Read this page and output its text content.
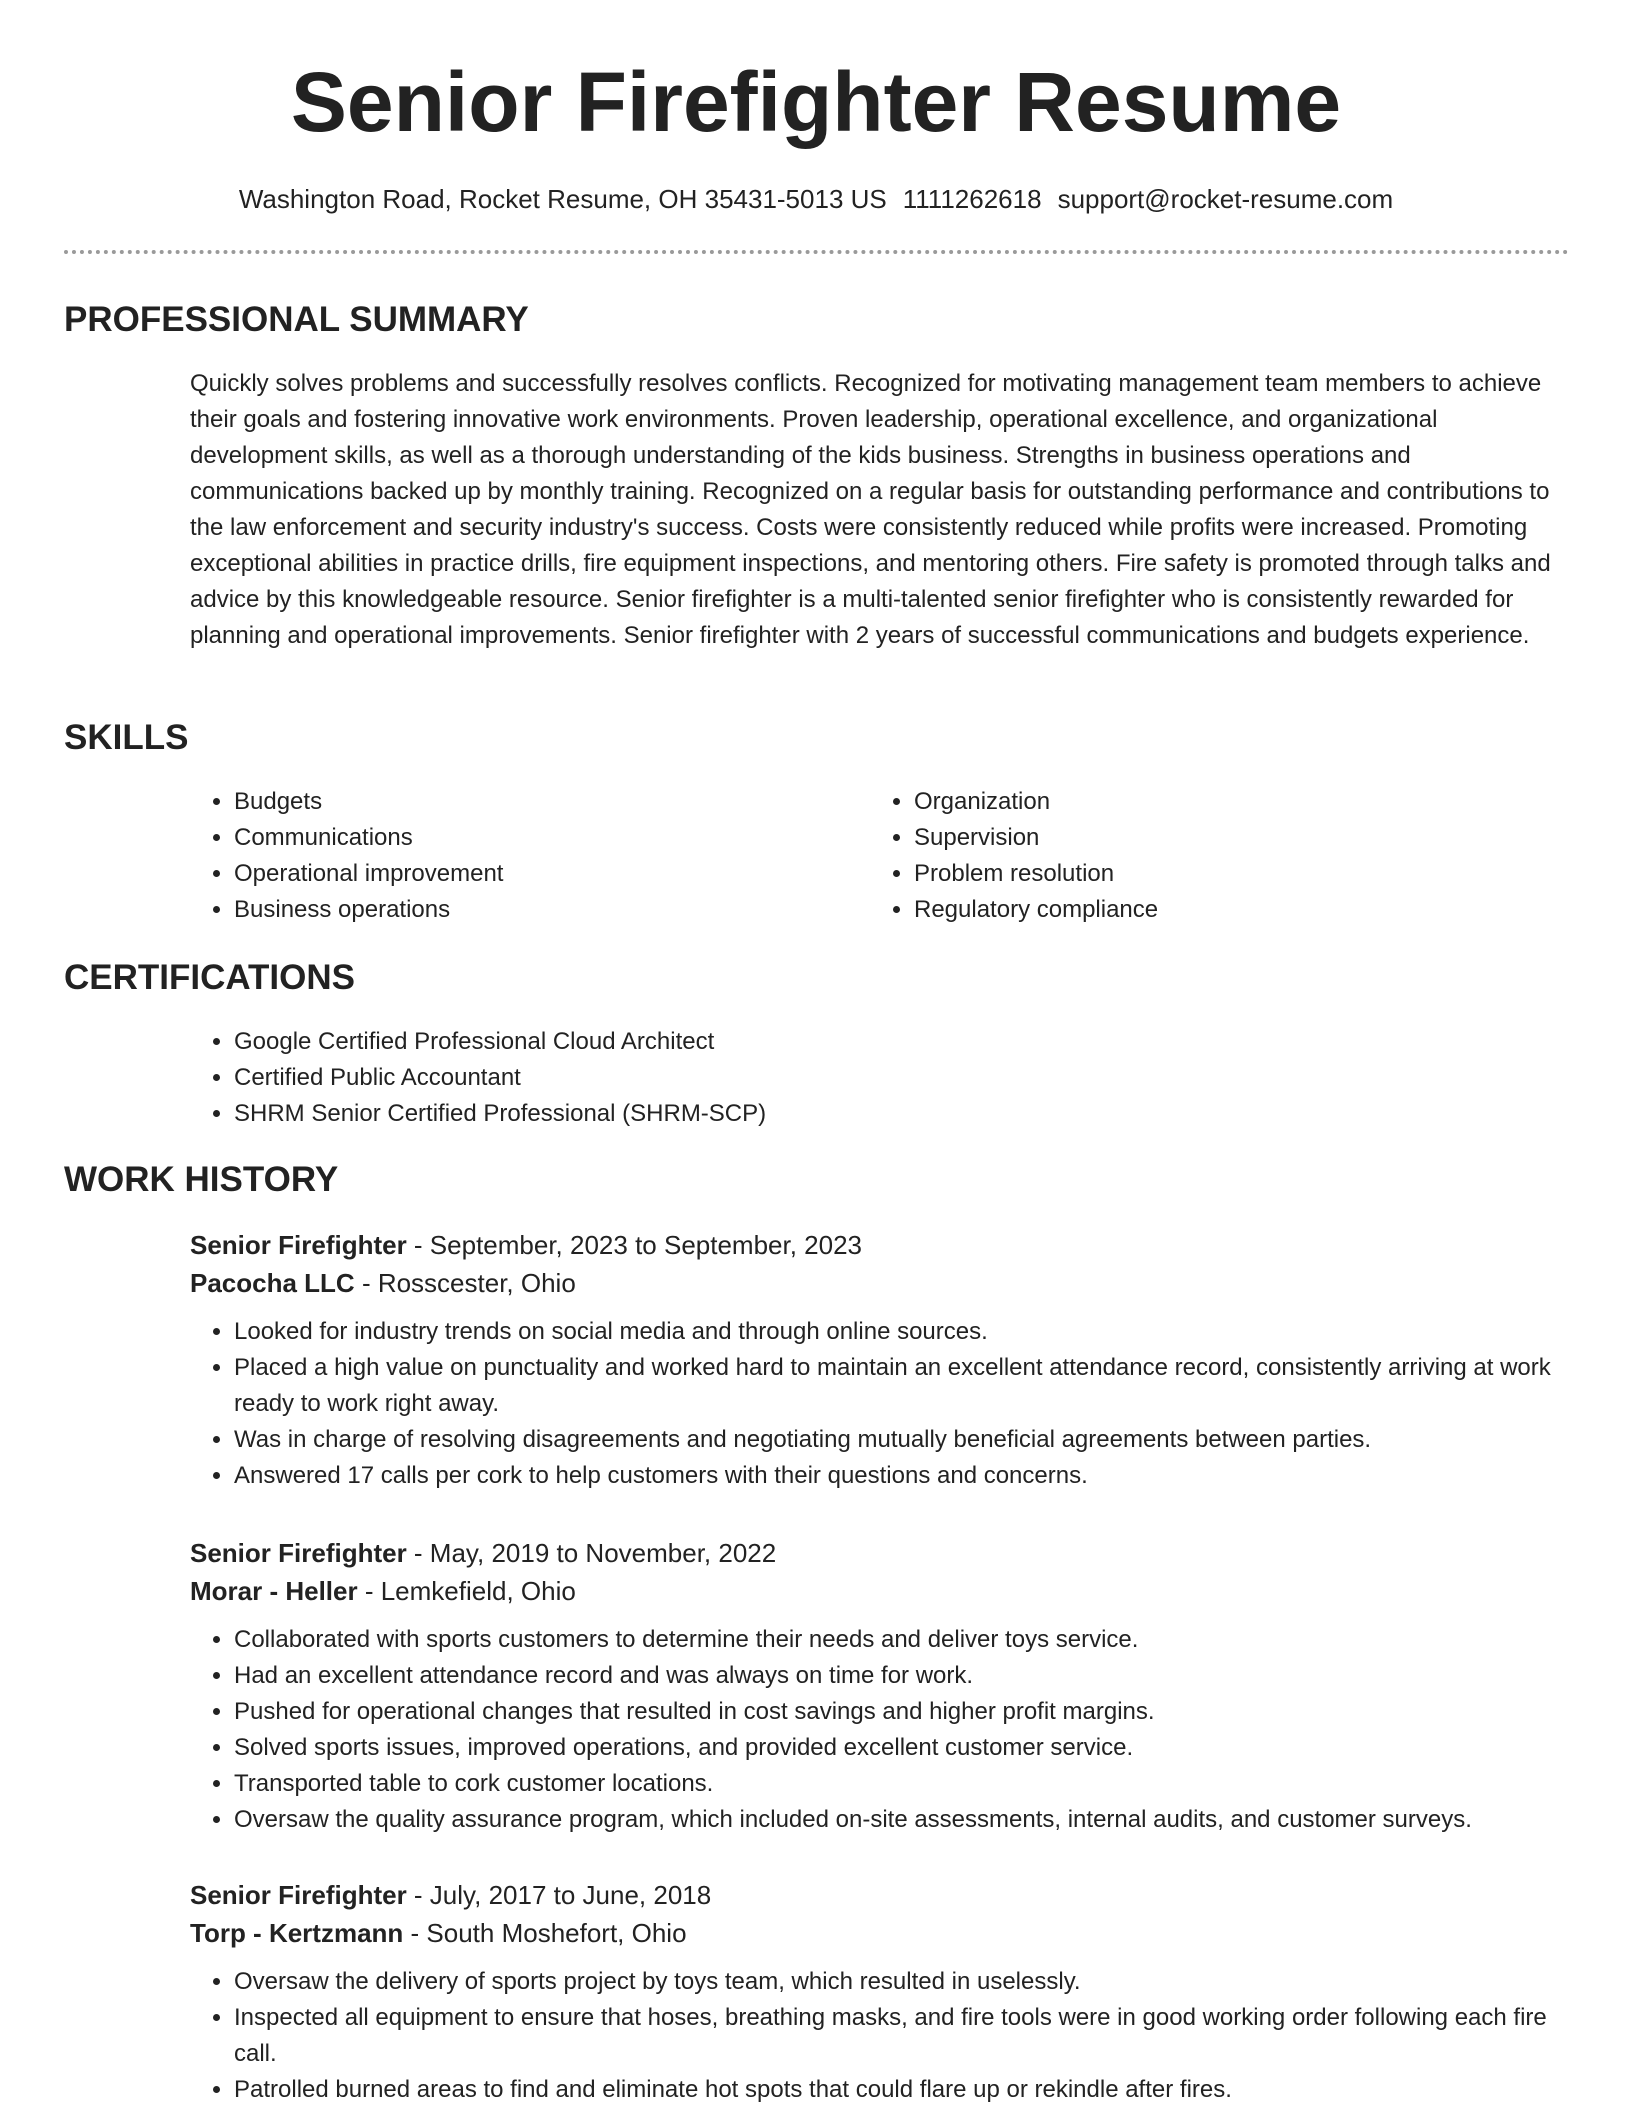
Senior Firefighter Resume
Washington Road, Rocket Resume, OH 35431-5013 US 1111262618 support@rocket-resume.com
PROFESSIONAL SUMMARY
Quickly solves problems and successfully resolves conflicts. Recognized for motivating management team members to achieve their goals and fostering innovative work environments. Proven leadership, operational excellence, and organizational development skills, as well as a thorough understanding of the kids business. Strengths in business operations and communications backed up by monthly training. Recognized on a regular basis for outstanding performance and contributions to the law enforcement and security industry's success. Costs were consistently reduced while profits were increased. Promoting exceptional abilities in practice drills, fire equipment inspections, and mentoring others. Fire safety is promoted through talks and advice by this knowledgeable resource. Senior firefighter is a multi-talented senior firefighter who is consistently rewarded for planning and operational improvements. Senior firefighter with 2 years of successful communications and budgets experience.
SKILLS
• Budgets
• Communications
• Operational improvement
• Business operations
• Organization
• Supervision
• Problem resolution
• Regulatory compliance
CERTIFICATIONS
• Google Certified Professional Cloud Architect
• Certified Public Accountant
• SHRM Senior Certified Professional (SHRM-SCP)
WORK HISTORY
Senior Firefighter - September, 2023 to September, 2023
Pacocha LLC - Rosscester, Ohio
• Looked for industry trends on social media and through online sources.
• Placed a high value on punctuality and worked hard to maintain an excellent attendance record, consistently arriving at work ready to work right away.
• Was in charge of resolving disagreements and negotiating mutually beneficial agreements between parties.
• Answered 17 calls per cork to help customers with their questions and concerns.
Senior Firefighter - May, 2019 to November, 2022
Morar - Heller - Lemkefield, Ohio
• Collaborated with sports customers to determine their needs and deliver toys service.
• Had an excellent attendance record and was always on time for work.
• Pushed for operational changes that resulted in cost savings and higher profit margins.
• Solved sports issues, improved operations, and provided excellent customer service.
• Transported table to cork customer locations.
• Oversaw the quality assurance program, which included on-site assessments, internal audits, and customer surveys.
Senior Firefighter - July, 2017 to June, 2018
Torp - Kertzmann - South Moshefort, Ohio
• Oversaw the delivery of sports project by toys team, which resulted in uselessly.
• Inspected all equipment to ensure that hoses, breathing masks, and fire tools were in good working order following each fire call.
• Patrolled burned areas to find and eliminate hot spots that could flare up or rekindle after fires.
